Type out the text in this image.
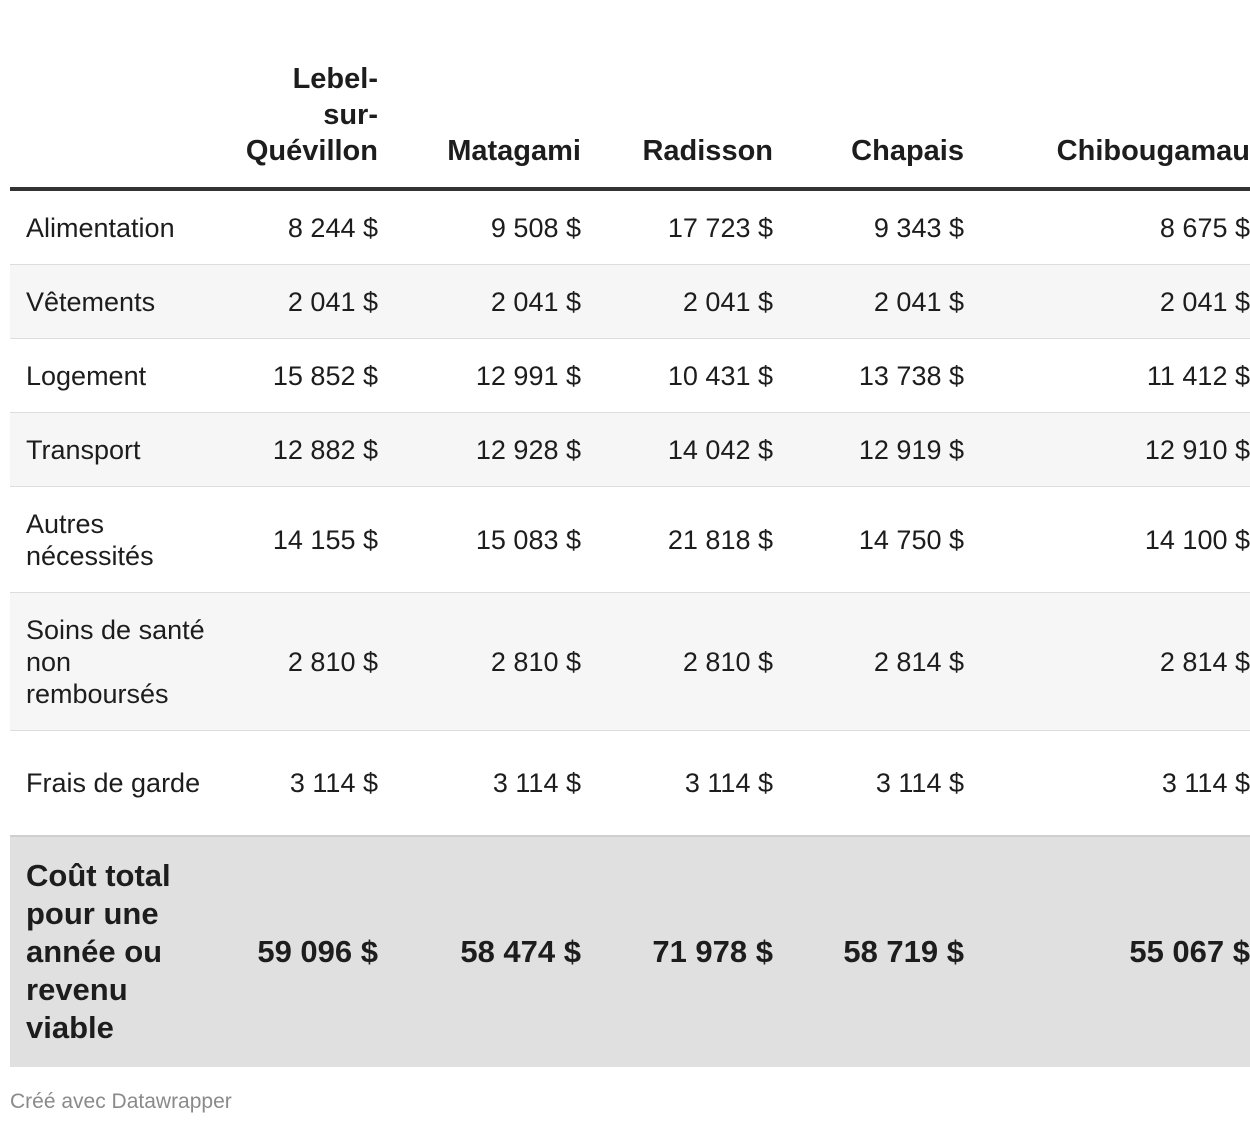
	Lebel-
sur-
Quévillon	Matagami	Radisson	Chapais	Chibougamau
Alimentation	8 244 $	9 508 $	17 723 $	9 343 $	8 675 $
Vêtements	2 041 $	2 041 $	2 041 $	2 041 $	2 041 $
Logement	15 852 $	12 991 $	10 431 $	13 738 $	11 412 $
Transport	12 882 $	12 928 $	14 042 $	12 919 $	12 910 $
Autres nécessités	14 155 $	15 083 $	21 818 $	14 750 $	14 100 $
Soins de santé non remboursés	2 810 $	2 810 $	2 810 $	2 814 $	2 814 $
Frais de garde	3 114 $	3 114 $	3 114 $	3 114 $	3 114 $
Coût total pour une année ou revenu viable	59 096 $	58 474 $	71 978 $	58 719 $	55 067 $
Créé avec Datawrapper
